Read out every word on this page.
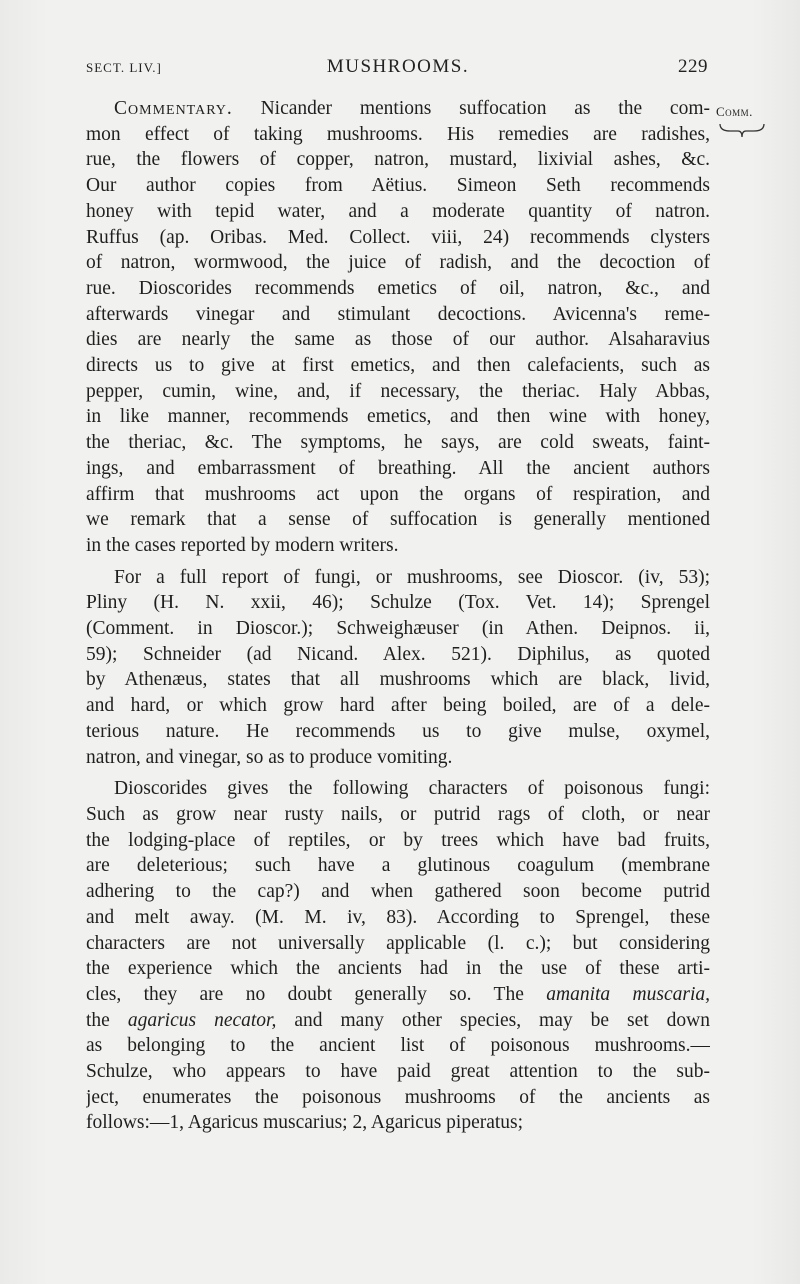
SECT. LIV.]	MUSHROOMS.	229
Comm.
Commentary. Nicander mentions suffocation as the com-
mon effect of taking mushrooms. His remedies are radishes,
rue, the flowers of copper, natron, mustard, lixivial ashes, &c.
Our author copies from Aëtius. Simeon Seth recommends
honey with tepid water, and a moderate quantity of natron.
Ruffus (ap. Oribas. Med. Collect. viii, 24) recommends clysters
of natron, wormwood, the juice of radish, and the decoction of
rue. Dioscorides recommends emetics of oil, natron, &c., and
afterwards vinegar and stimulant decoctions. Avicenna's reme-
dies are nearly the same as those of our author. Alsaharavius
directs us to give at first emetics, and then calefacients, such as
pepper, cumin, wine, and, if necessary, the theriac. Haly Abbas,
in like manner, recommends emetics, and then wine with honey,
the theriac, &c. The symptoms, he says, are cold sweats, faint-
ings, and embarrassment of breathing. All the ancient authors
affirm that mushrooms act upon the organs of respiration, and
we remark that a sense of suffocation is generally mentioned
in the cases reported by modern writers.
For a full report of fungi, or mushrooms, see Dioscor. (iv, 53);
Pliny (H. N. xxii, 46); Schulze (Tox. Vet. 14); Sprengel
(Comment. in Dioscor.); Schweighæuser (in Athen. Deipnos. ii,
59); Schneider (ad Nicand. Alex. 521). Diphilus, as quoted
by Athenæus, states that all mushrooms which are black, livid,
and hard, or which grow hard after being boiled, are of a dele-
terious nature. He recommends us to give mulse, oxymel,
natron, and vinegar, so as to produce vomiting.
Dioscorides gives the following characters of poisonous fungi:
Such as grow near rusty nails, or putrid rags of cloth, or near
the lodging-place of reptiles, or by trees which have bad fruits,
are deleterious; such have a glutinous coagulum (membrane
adhering to the cap?) and when gathered soon become putrid
and melt away. (M. M. iv, 83). According to Sprengel, these
characters are not universally applicable (l. c.); but considering
the experience which the ancients had in the use of these arti-
cles, they are no doubt generally so. The amanita muscaria,
the agaricus necator, and many other species, may be set down
as belonging to the ancient list of poisonous mushrooms.—
Schulze, who appears to have paid great attention to the sub-
ject, enumerates the poisonous mushrooms of the ancients as
follows:—1, Agaricus muscarius; 2, Agaricus piperatus;
